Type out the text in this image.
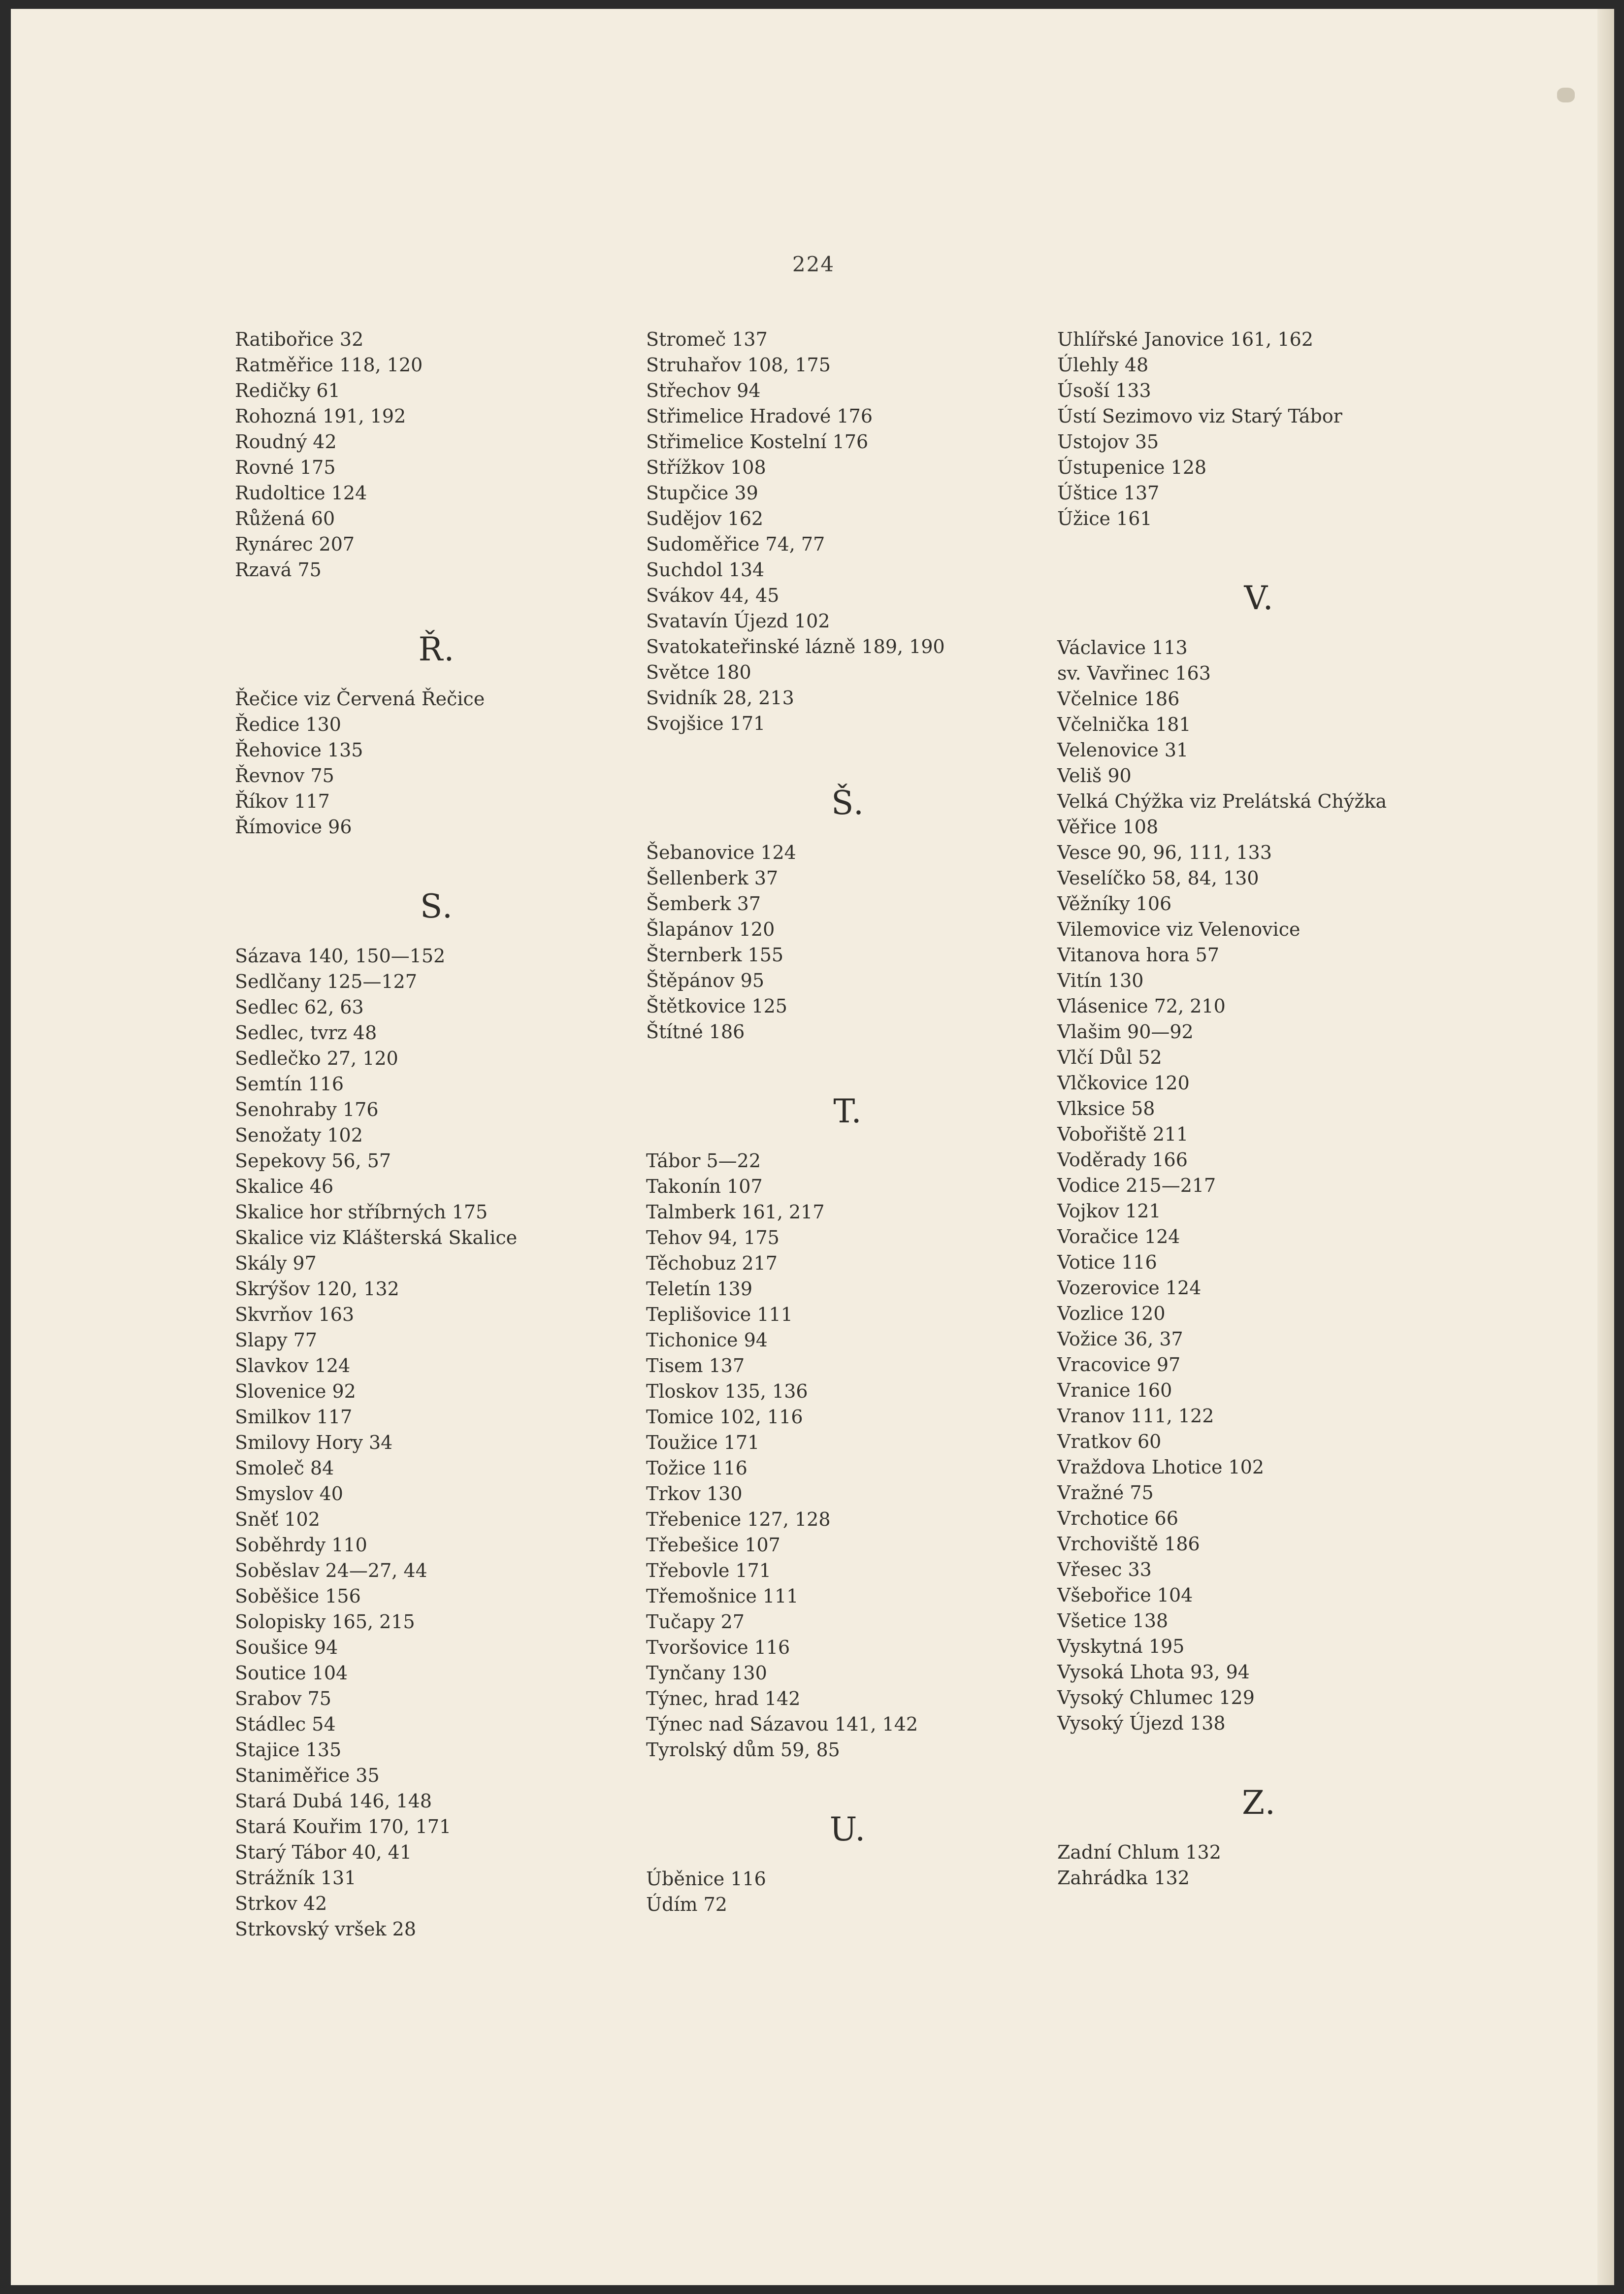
224
Ratibořice 32
Ratměřice 118, 120
Redičky 61
Rohozná 191, 192
Roudný 42
Rovné 175
Rudoltice 124
Růžená 60
Rynárec 207
Rzavá 75
Ř.
Řečice viz Červená Řečice
Ředice 130
Řehovice 135
Řevnov 75
Říkov 117
Římovice 96
S.
Sázava 140, 150—152
Sedlčany 125—127
Sedlec 62, 63
Sedlec, tvrz 48
Sedlečko 27, 120
Semtín 116
Senohraby 176
Senožaty 102
Sepekovy 56, 57
Skalice 46
Skalice hor stříbrných 175
Skalice viz Klášterská Skalice
Skály 97
Skrýšov 120, 132
Skvrňov 163
Slapy 77
Slavkov 124
Slovenice 92
Smilkov 117
Smilovy Hory 34
Smoleč 84
Smyslov 40
Sněť 102
Soběhrdy 110
Soběslav 24—27, 44
Soběšice 156
Solopisky 165, 215
Soušice 94
Soutice 104
Srabov 75
Stádlec 54
Stajice 135
Staniměřice 35
Stará Dubá 146, 148
Stará Kouřim 170, 171
Starý Tábor 40, 41
Strážník 131
Strkov 42
Strkovský vršek 28
Stromeč 137
Struhařov 108, 175
Střechov 94
Střimelice Hradové 176
Střimelice Kostelní 176
Střížkov 108
Stupčice 39
Sudějov 162
Sudoměřice 74, 77
Suchdol 134
Svákov 44, 45
Svatavín Újezd 102
Svatokateřinské lázně 189, 190
Světce 180
Svidník 28, 213
Svojšice 171
Š.
Šebanovice 124
Šellenberk 37
Šemberk 37
Šlapánov 120
Šternberk 155
Štěpánov 95
Štětkovice 125
Štítné 186
T.
Tábor 5—22
Takonín 107
Talmberk 161, 217
Tehov 94, 175
Těchobuz 217
Teletín 139
Teplišovice 111
Tichonice 94
Tisem 137
Tloskov 135, 136
Tomice 102, 116
Toužice 171
Tožice 116
Trkov 130
Třebenice 127, 128
Třebešice 107
Třebovle 171
Třemošnice 111
Tučapy 27
Tvoršovice 116
Tynčany 130
Týnec, hrad 142
Týnec nad Sázavou 141, 142
Tyrolský dům 59, 85
U.
Úběnice 116
Údím 72
Uhlířské Janovice 161, 162
Úlehly 48
Úsoší 133
Ústí Sezimovo viz Starý Tábor
Ustojov 35
Ústupenice 128
Úštice 137
Úžice 161
V.
Václavice 113
sv. Vavřinec 163
Včelnice 186
Včelnička 181
Velenovice 31
Veliš 90
Velká Chýžka viz Prelátská Chýžka
Věřice 108
Vesce 90, 96, 111, 133
Veselíčko 58, 84, 130
Věžníky 106
Vilemovice viz Velenovice
Vitanova hora 57
Vitín 130
Vlásenice 72, 210
Vlašim 90—92
Vlčí Důl 52
Vlčkovice 120
Vlksice 58
Vobořiště 211
Voděrady 166
Vodice 215—217
Vojkov 121
Voračice 124
Votice 116
Vozerovice 124
Vozlice 120
Vožice 36, 37
Vracovice 97
Vranice 160
Vranov 111, 122
Vratkov 60
Vraždova Lhotice 102
Vražné 75
Vrchotice 66
Vrchoviště 186
Vřesec 33
Všebořice 104
Všetice 138
Vyskytná 195
Vysoká Lhota 93, 94
Vysoký Chlumec 129
Vysoký Újezd 138
Z.
Zadní Chlum 132
Zahrádka 132
